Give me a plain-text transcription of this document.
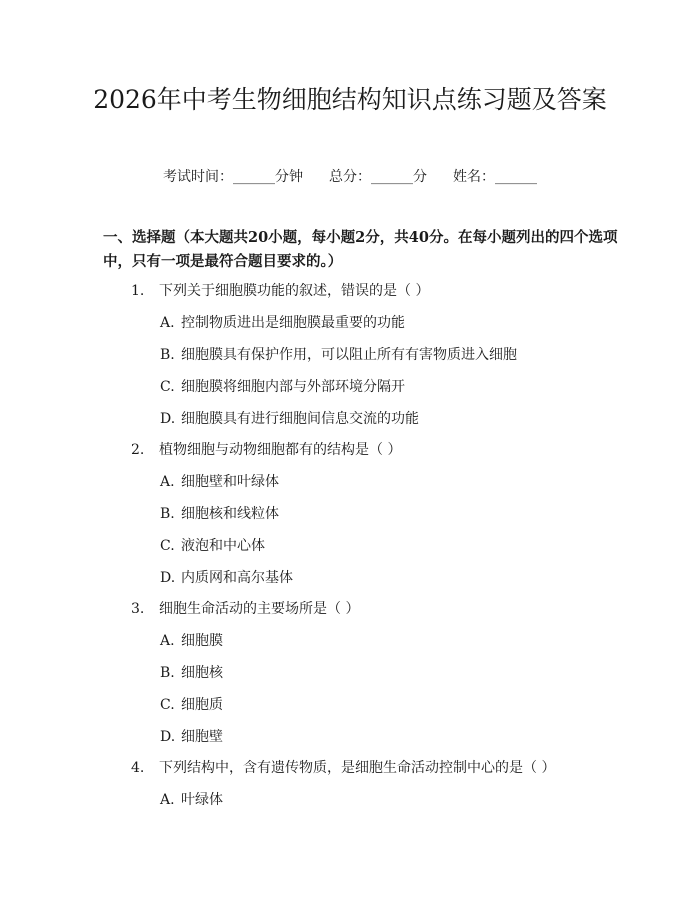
2026年中考生物细胞结构知识点练习题及答案
考试时间：______分钟 总分：______分 姓名：______
一、选择题（本大题共20小题，每小题2分，共40分。在每小题列出的四个选项中，只有一项是最符合题目要求的。）
1. 下列关于细胞膜功能的叙述，错误的是（ ）
A. 控制物质进出是细胞膜最重要的功能
B. 细胞膜具有保护作用，可以阻止所有有害物质进入细胞
C. 细胞膜将细胞内部与外部环境分隔开
D. 细胞膜具有进行细胞间信息交流的功能
2. 植物细胞与动物细胞都有的结构是（ ）
A. 细胞壁和叶绿体
B. 细胞核和线粒体
C. 液泡和中心体
D. 内质网和高尔基体
3. 细胞生命活动的主要场所是（ ）
A. 细胞膜
B. 细胞核
C. 细胞质
D. 细胞壁
4. 下列结构中，含有遗传物质，是细胞生命活动控制中心的是（ ）
A. 叶绿体
